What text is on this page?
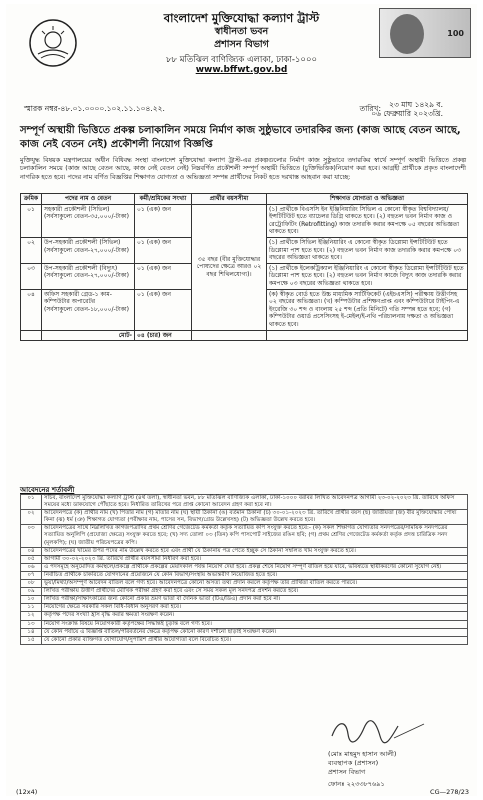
100
বাংলাদেশ মুক্তিযোদ্ধা কল্যাণ ট্রাস্ট
স্বাধীনতা ভবন
প্রশাসন বিভাগ
৮৮ মতিঝিল বাণিজ্যিক এলাকা, ঢাকা-১০০০
www.bffwt.gov.bd
স্মারক নম্বর-৪৮.০১.০০০০.১০২.১১.১০৪.২২.	তারিখ: ২৩ মাঘ ১৪২৯ ব.
০৬ ফেব্রুয়ারি ২০২৩খ্রি.
সম্পূর্ণ অস্থায়ী ভিত্তিতে প্রকল্প চলাকালিন সময়ে নির্মাণ কাজ সুষ্ঠুভাবে তদারকির জন্য (কাজ আছে বেতন আছে, কাজ নেই বেতন নেই) প্রকৌশলী নিয়োগ বিজ্ঞপ্তি
মুক্তিযুদ্ধ বিষয়ক মন্ত্রণালয়ের অধীন বিধিবদ্ধ সংস্থা বাংলাদেশ মুক্তিযোদ্ধা কল্যাণ ট্রাস্ট-এর প্রকল্পগুলোর নির্মাণ কাজ সুষ্ঠুভাবে তদারকির স্বার্থে সম্পূর্ণ অস্থায়ী ভিত্তিতে প্রকল্প চলাকালিন সময়ে (কাজ আছে বেতন আছে, কাজ নেই বেতন নেই) নিম্নবর্ণিত প্রকৌশলী সম্পূর্ণ অস্থায়ী ভিত্তিতে (চুক্তিভিত্তিক)নিয়োগ করা হবে। আগ্রহী প্রার্থীকে প্রকৃত বাংলাদেশী নাগরিক হতে হবে। পদের নাম বর্ণিত বিজ্ঞপ্তির শিক্ষাগত যোগ্যতা ও অভিজ্ঞতা সম্পন্ন প্রার্থীদের নিকট হতে দরখাস্ত আহবান করা যাচ্ছে:
ক্রমিক	পদের নাম ও বেতন	কর্মী/শ্রমিকের সংখ্যা	প্রার্থীর বয়সসীমা	শিক্ষাগত যোগ্যতা ও অভিজ্ঞতা
০১	সহকারী প্রকৌশলী (সিভিল)
(সর্বসাকুল্যে বেতন-৩৫,০০০/-টাকা)	০১ (এক) জন	৩৫ বছর (বীর মুক্তিযোদ্ধার পোষ্যদের ক্ষেত্রে আরও ০২ বছর শিথিলযোগ্য)।	(১) প্রার্থীকে বিএসসি ইন ইঞ্জিনিয়ারিং সিভিল এ কোনো স্বীকৃত বিশ্ববিদ্যালয়/ইন্সটিটিউট হতে ব্যাচেলর ডিগ্রি থাকতে হবে। (২) বহুতল ভবন নির্মাণ কাজ ও রেট্রোফিটিং (Retrofitting) কাজ তদারকি করার কমপক্ষে ০৫ বছরের অভিজ্ঞতা থাকতে হবে।
০২	উপ-সহকারী প্রকৌশলী (সিভিল)
(সর্বসাকুল্যে বেতন-২৭,০০০/-টাকা)	০১ (এক) জন		(১) প্রার্থীকে সিভিল ইঞ্জিনিয়ারিং এ কোনো স্বীকৃত ডিপ্লোমা ইন্সটিটিউট হতে ডিপ্লোমা পাশ হতে হবে। (২) বহুতল ভবন নির্মাণ কাজ তদারকি করার কমপক্ষে ০৩ বছরের অভিজ্ঞতা থাকতে হবে।
০৩	উপ-সহকারী প্রকৌশলী (বিদ্যুৎ)
(সর্বসাকুল্যে বেতন-২৭,০০০/-টাকা)	০১ (এক) জন		(১) প্রার্থীকে ইলেকট্রিক্যাল ইঞ্জিনিয়ারিং এ কোনো স্বীকৃত ডিপ্লোমা ইন্সটিটিউট হতে ডিপ্লোমা পাশ হতে হবে। (২) বহুতল ভবন নির্মাণ কাজে বিদ্যুৎ কাজ তদারকি করার কমপক্ষে ০৩ বছরের অভিজ্ঞতা থাকতে হবে।
০৪	অফিস সহকারী গ্রেড-১ কাম-কম্পিউটার অপারেটর
(সর্বসাকুল্যে বেতন-১৮,০০০/-টাকা)	০১ (এক) জন		(ক) স্বীকৃত বোর্ড হতে উচ্চ মাধ্যমিক সার্টিফিকেট (এইচএসসি) পরীক্ষায় উত্তীর্ণসহ ০২ বছরের অভিজ্ঞতা। (খ) কম্পিউটার প্রশিক্ষণপ্রাপ্ত এবং কম্পিউটারে টাইপিং-এ ইংরেজি ৩০ শব্দ ও বাংলায় ২৫ শব্দ (প্রতি মিনিটে) গতি সম্পন্ন হতে হবে; (গ) কম্পিউটার ওয়ার্ড প্রসেসিংসহ ই-মেইল/ই-নথি পরিচালনায় দক্ষতা ও অভিজ্ঞতা থাকতে হবে।
	মোট-	০৪ (চার) জন		
আবেদনের শর্তাবলী
০১	সচিব, বাংলাদেশ মুক্তিযোদ্ধা কল্যাণ ট্রাস্ট (৪র্থ তলা), স্বাধীনতা ভবন, ৮৮ মতিঝিল বাণিজ্যিক এলাকা, ঢাকা-১০০০ বরাবর লিখিত আবেদনপত্র আগামী ২৩-০২-২০২৩ খ্রি. তারিখে অফিস সময়ের মধ্যে ডাকযোগে পৌঁছাতে হবে। নির্ধারিত তারিখের পরে প্রাপ্ত কোনো আবেদন গ্রহণ করা হবে না।
০২	আবেদনপত্রে (ক) প্রার্থীর নাম (খ) পিতার নাম (গ) মাতার নাম (ঘ) স্থায়ী ঠিকানা (ঙ) বর্তমান ঠিকানা (চ) ৩০-০১-২০২৩ খ্রি. তারিখে প্রার্থীর বয়স (ছ) জাতীয়তা (জ) বীর মুক্তিযোদ্ধার পোষ্য কিনা (ঝ) ধর্ম (ঞ) শিক্ষাগত যোগ্যতা (পরীক্ষার নাম, পাসের সন, বিভাগ/গ্রেড উল্লেখসহ) (ট) অভিজ্ঞতা উল্লেখ করতে হবে।
০৩	আবেদনপত্রের সাথে নিম্নলিখিত কাগজপত্রাদির প্রথম শ্রেণির গেজেটেড কর্মকর্তা কর্তৃক সত্যায়িত কপি সংযুক্ত করতে হবে:- (ক) সকল শিক্ষাগত যোগ্যতার সনদপত্রের/সাময়িক সনদপত্রের সত্যায়িত অনুলিপি (প্রযোজ্য ক্ষেত্রে) সংযুক্ত করতে হবে; (খ) সদ্য তোলা ০৩ (তিন) কপি পাসপোর্ট সাইজের রঙিন ছবি; (গ) প্রথম শ্রেণির গেজেটেড কর্মকর্তা কর্তৃক প্রদত্ত চারিত্রিক সনদ (মূলকপি); (ঘ) জাতীয় পরিচয়পত্রের কপি।
০৪	আবেদনপত্রের খামের উপর পদের নাম উল্লেখ করতে হবে এবং প্রার্থী যে ঠিকানায় পত্র পেতে ইচ্ছুক সে ঠিকানা সম্বলিত খাম সংযুক্ত করতে হবে।
০৫	আগামী ৩০-০২-২০২৩ খ্রি. তারিখে প্রার্থীর বয়সসীমা নির্ধারণ করা হবে।
০৬	এ পদসমূহে অনুমোদিত কর্মস্থলে/প্রকল্পে প্রার্থীকে প্রকল্পের মেয়াদকাল পর্যন্ত নিয়োগ দেয়া হবে। প্রকল্প শেষে নিয়োগ সম্পূর্ণ বাতিল হয়ে যাবে, ভবিষ্যতে স্থায়ীকরণের কোনো সুযোগ নেই।
০৭	নির্বাচিত প্রার্থীকে চাকরিতে যোগদানের প্রয়োজনে যে কোন বিভাগ/সংস্থায় অভ্যন্তরীণ নিয়োজিত হতে হবে।
০৮	ভুয়া/মিথ্যা/অসম্পূর্ণ আবেদন বাতিল বলে গণ্য হবে। আবেদনপত্রে কোনো অসত্য তথ্য প্রদান করলে কর্তৃপক্ষ তার প্রার্থিতা বাতিল করতে পারবে।
০৯	লিখিত পরীক্ষায় উত্তীর্ণ প্রার্থীদের মৌখিক পরীক্ষা গ্রহণ করা হবে এবং সে সময় সকল মূল সনদপত্র প্রদর্শন করতে হবে।
১০	লিখিত পরীক্ষা/সাক্ষাৎকারের জন্য কোনো প্রকার ভ্রমণ ভাতা বা দৈনিক ভাতা (টিএ/ডিএ) প্রদান করা হবে না।
১১	নিয়োগের ক্ষেত্রে সরকারি সকল বিধি-বিধান অনুসরণ করা হবে।
১২	কর্তৃপক্ষ পদের সংখ্যা হ্রাস বৃদ্ধি করার ক্ষমতা সংরক্ষণ করেন।
১৩	নিয়োগ সংক্রান্ত বিষয়ে নিয়োগকারী কর্তৃপক্ষের সিদ্ধান্তই চূড়ান্ত বলে গণ্য হবে।
১৪	যে কোন পর্যায়ে এ বিজ্ঞপ্তি বাতিল/পরিবর্তনের ক্ষেত্রে কর্তৃপক্ষ কোনো কারণ দর্শানো ছাড়াই সংরক্ষণ করেন।
১৫	যে কোনো প্রকার ব্যক্তিগত যোগাযোগ/সুপারিশ প্রার্থীর অযোগ্যতা বলে বিবেচিত হবে।
(মোঃ মাহমুদ হাসান আলী)
ব্যবস্থাপক (প্রশাসন)
প্রশাসন বিভাগ
ফোনঃ ২২৩৩৮৭৬৯১
(12x4)	CG—278/23
